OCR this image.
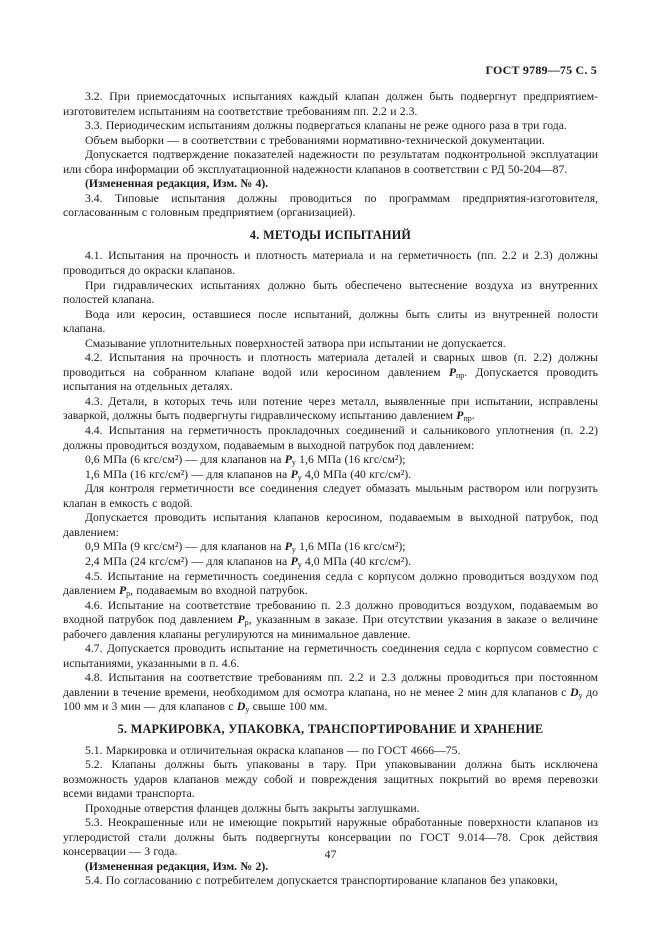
ГОСТ 9789—75 С. 5

3.2. При приемосдаточных испытаниях каждый клапан должен быть подвергнут предприятием-изготовителем испытаниям на соответствие требованиям пп. 2.2 и 2.3.

3.3. Периодическим испытаниям должны подвергаться клапаны не реже одного раза в три года.

Объем выборки — в соответствии с требованиями нормативно-технической документации.

Допускается подтверждение показателей надежности по результатам подконтрольной эксплуатации или сбора информации об эксплуатационной надежности клапанов в соответствии с РД 50-204—87.

(Измененная редакция, Изм. № 4).

3.4. Типовые испытания должны проводиться по программам предприятия-изготовителя, согласованным с головным предприятием (организацией).

4. МЕТОДЫ ИСПЫТАНИЙ

4.1. Испытания на прочность и плотность материала и на герметичность (пп. 2.2 и 2.3) должны проводиться до окраски клапанов.

При гидравлических испытаниях должно быть обеспечено вытеснение воздуха из внутренних полостей клапана.

Вода или керосин, оставшиеся после испытаний, должны быть слиты из внутренней полости клапана.

Смазывание уплотнительных поверхностей затвора при испытании не допускается.

4.2. Испытания на прочность и плотность материала деталей и сварных швов (п. 2.2) должны проводиться на собранном клапане водой или керосином давлением $Р_{пр}$. Допускается проводить испытания на отдельных деталях.

4.3. Детали, в которых течь или потение через металл, выявленные при испытании, исправлены заваркой, должны быть подвергнуты гидравлическому испытанию давлением $Р_{пр}$.

4.4. Испытания на герметичность прокладочных соединений и сальникового уплотнения (п. 2.2) должны проводиться воздухом, подаваемым в выходной патрубок под давлением:

0,6 МПа (6 кгс/см²) — для клапанов на $Р_у$ 1,6 МПа (16 кгс/см²);

1,6 МПа (16 кгс/см²) — для клапанов на $Р_у$ 4,0 МПа (40 кгс/см²).

Для контроля герметичности все соединения следует обмазать мыльным раствором или погрузить клапан в емкость с водой.

Допускается проводить испытания клапанов керосином, подаваемым в выходной патрубок, под давлением:

0,9 МПа (9 кгс/см²) — для клапанов на $Р_у$ 1,6 МПа (16 кгс/см²);

2,4 МПа (24 кгс/см²) — для клапанов на $Р_у$ 4,0 МПа (40 кгс/см²).

4.5. Испытание на герметичность соединения седла с корпусом должно проводиться воздухом под давлением $Р_р$, подаваемым во входной патрубок.

4.6. Испытание на соответствие требованию п. 2.3 должно проводиться воздухом, подаваемым во входной патрубок под давлением $Р_р$, указанным в заказе. При отсутствии указания в заказе о величине рабочего давления клапаны регулируются на минимальное давление.

4.7. Допускается проводить испытание на герметичность соединения седла с корпусом совместно с испытаниями, указанными в п. 4.6.

4.8. Испытания на соответствие требованиям пп. 2.2 и 2.3 должны проводиться при постоянном давлении в течение времени, необходимом для осмотра клапана, но не менее 2 мин для клапанов с $D_у$ до 100 мм и 3 мин — для клапанов с $D_у$ свыше 100 мм.

5. МАРКИРОВКА, УПАКОВКА, ТРАНСПОРТИРОВАНИЕ И ХРАНЕНИЕ

5.1. Маркировка и отличительная окраска клапанов — по ГОСТ 4666—75.

5.2. Клапаны должны быть упакованы в тару. При упаковывании должна быть исключена возможность ударов клапанов между собой и повреждения защитных покрытий во время перевозки всеми видами транспорта.

Проходные отверстия фланцев должны быть закрыты заглушками.

5.3. Неокрашенные или не имеющие покрытий наружные обработанные поверхности клапанов из углеродистой стали должны быть подвергнуты консервации по ГОСТ 9.014—78. Срок действия консервации — 3 года.

(Измененная редакция, Изм. № 2).

5.4. По согласованию с потребителем допускается транспортирование клапанов без упаковки,

47
